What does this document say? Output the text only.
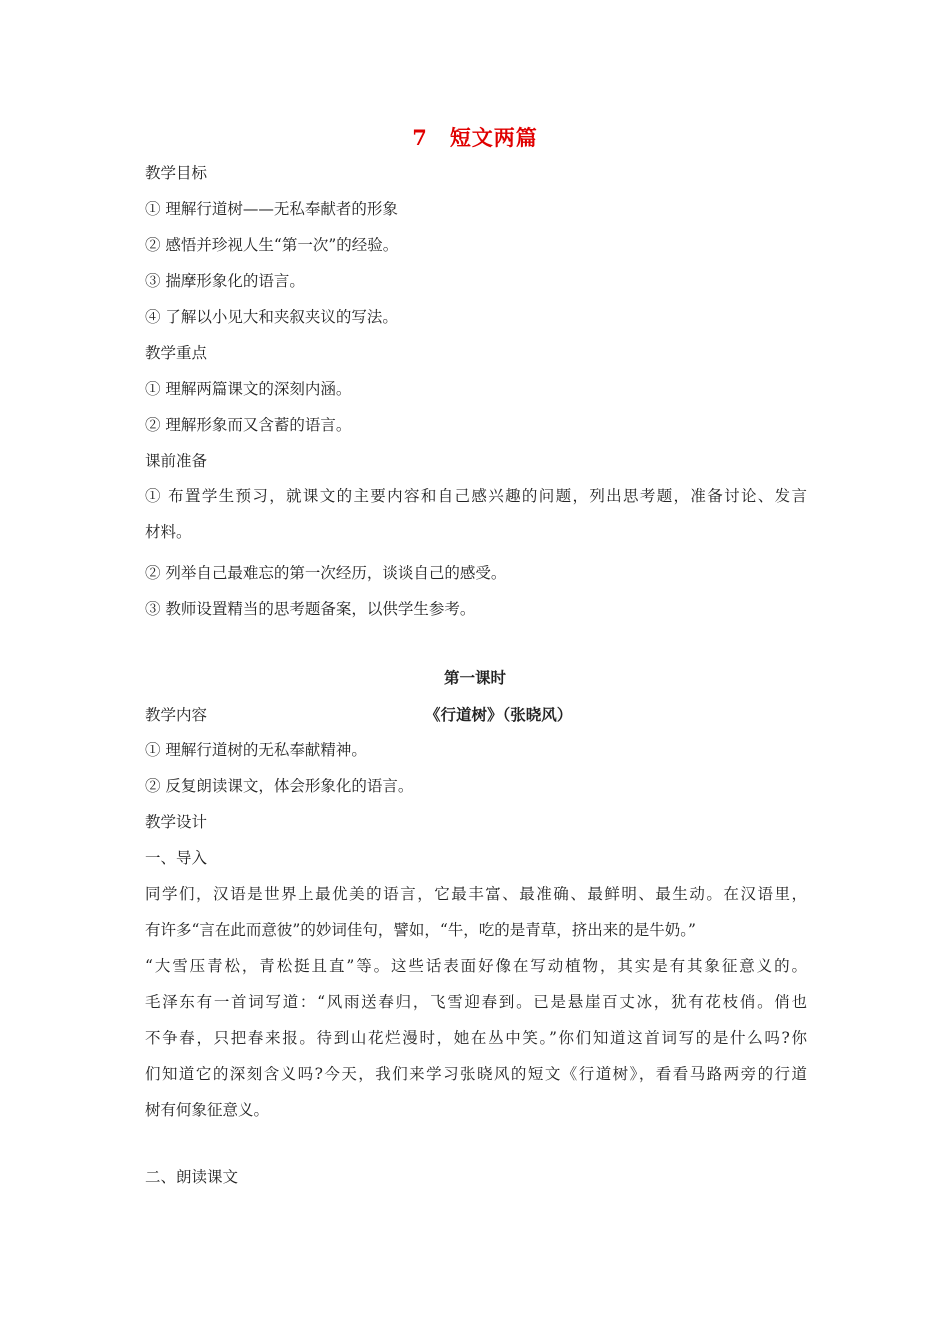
7 短文两篇
教学目标
① 理解行道树——无私奉献者的形象
② 感悟并珍视人生“第一次”的经验。
③ 揣摩形象化的语言。
④ 了解以小见大和夹叙夹议的写法。
教学重点
① 理解两篇课文的深刻内涵。
② 理解形象而又含蓄的语言。
课前准备
① 布置学生预习，就课文的主要内容和自己感兴趣的问题，列出思考题，准备讨论、发言
材料。
② 列举自己最难忘的第一次经历，谈谈自己的感受。
③ 教师设置精当的思考题备案，以供学生参考。
第一课时
教学内容	《行道树》（张晓风）
① 理解行道树的无私奉献精神。
② 反复朗读课文，体会形象化的语言。
教学设计
一、导入
同学们，汉语是世界上最优美的语言，它最丰富、最准确、最鲜明、最生动。在汉语里，
有许多“言在此而意彼”的妙词佳句，譬如，“牛，吃的是青草，挤出来的是牛奶。”
“大雪压青松，青松挺且直”等。这些话表面好像在写动植物，其实是有其象征意义的。
毛泽东有一首词写道：“风雨送春归，飞雪迎春到。已是悬崖百丈冰，犹有花枝俏。俏也
不争春，只把春来报。待到山花烂漫时，她在丛中笑。”你们知道这首词写的是什么吗?你
们知道它的深刻含义吗?今天，我们来学习张晓风的短文《行道树》，看看马路两旁的行道
树有何象征意义。
二、朗读课文
